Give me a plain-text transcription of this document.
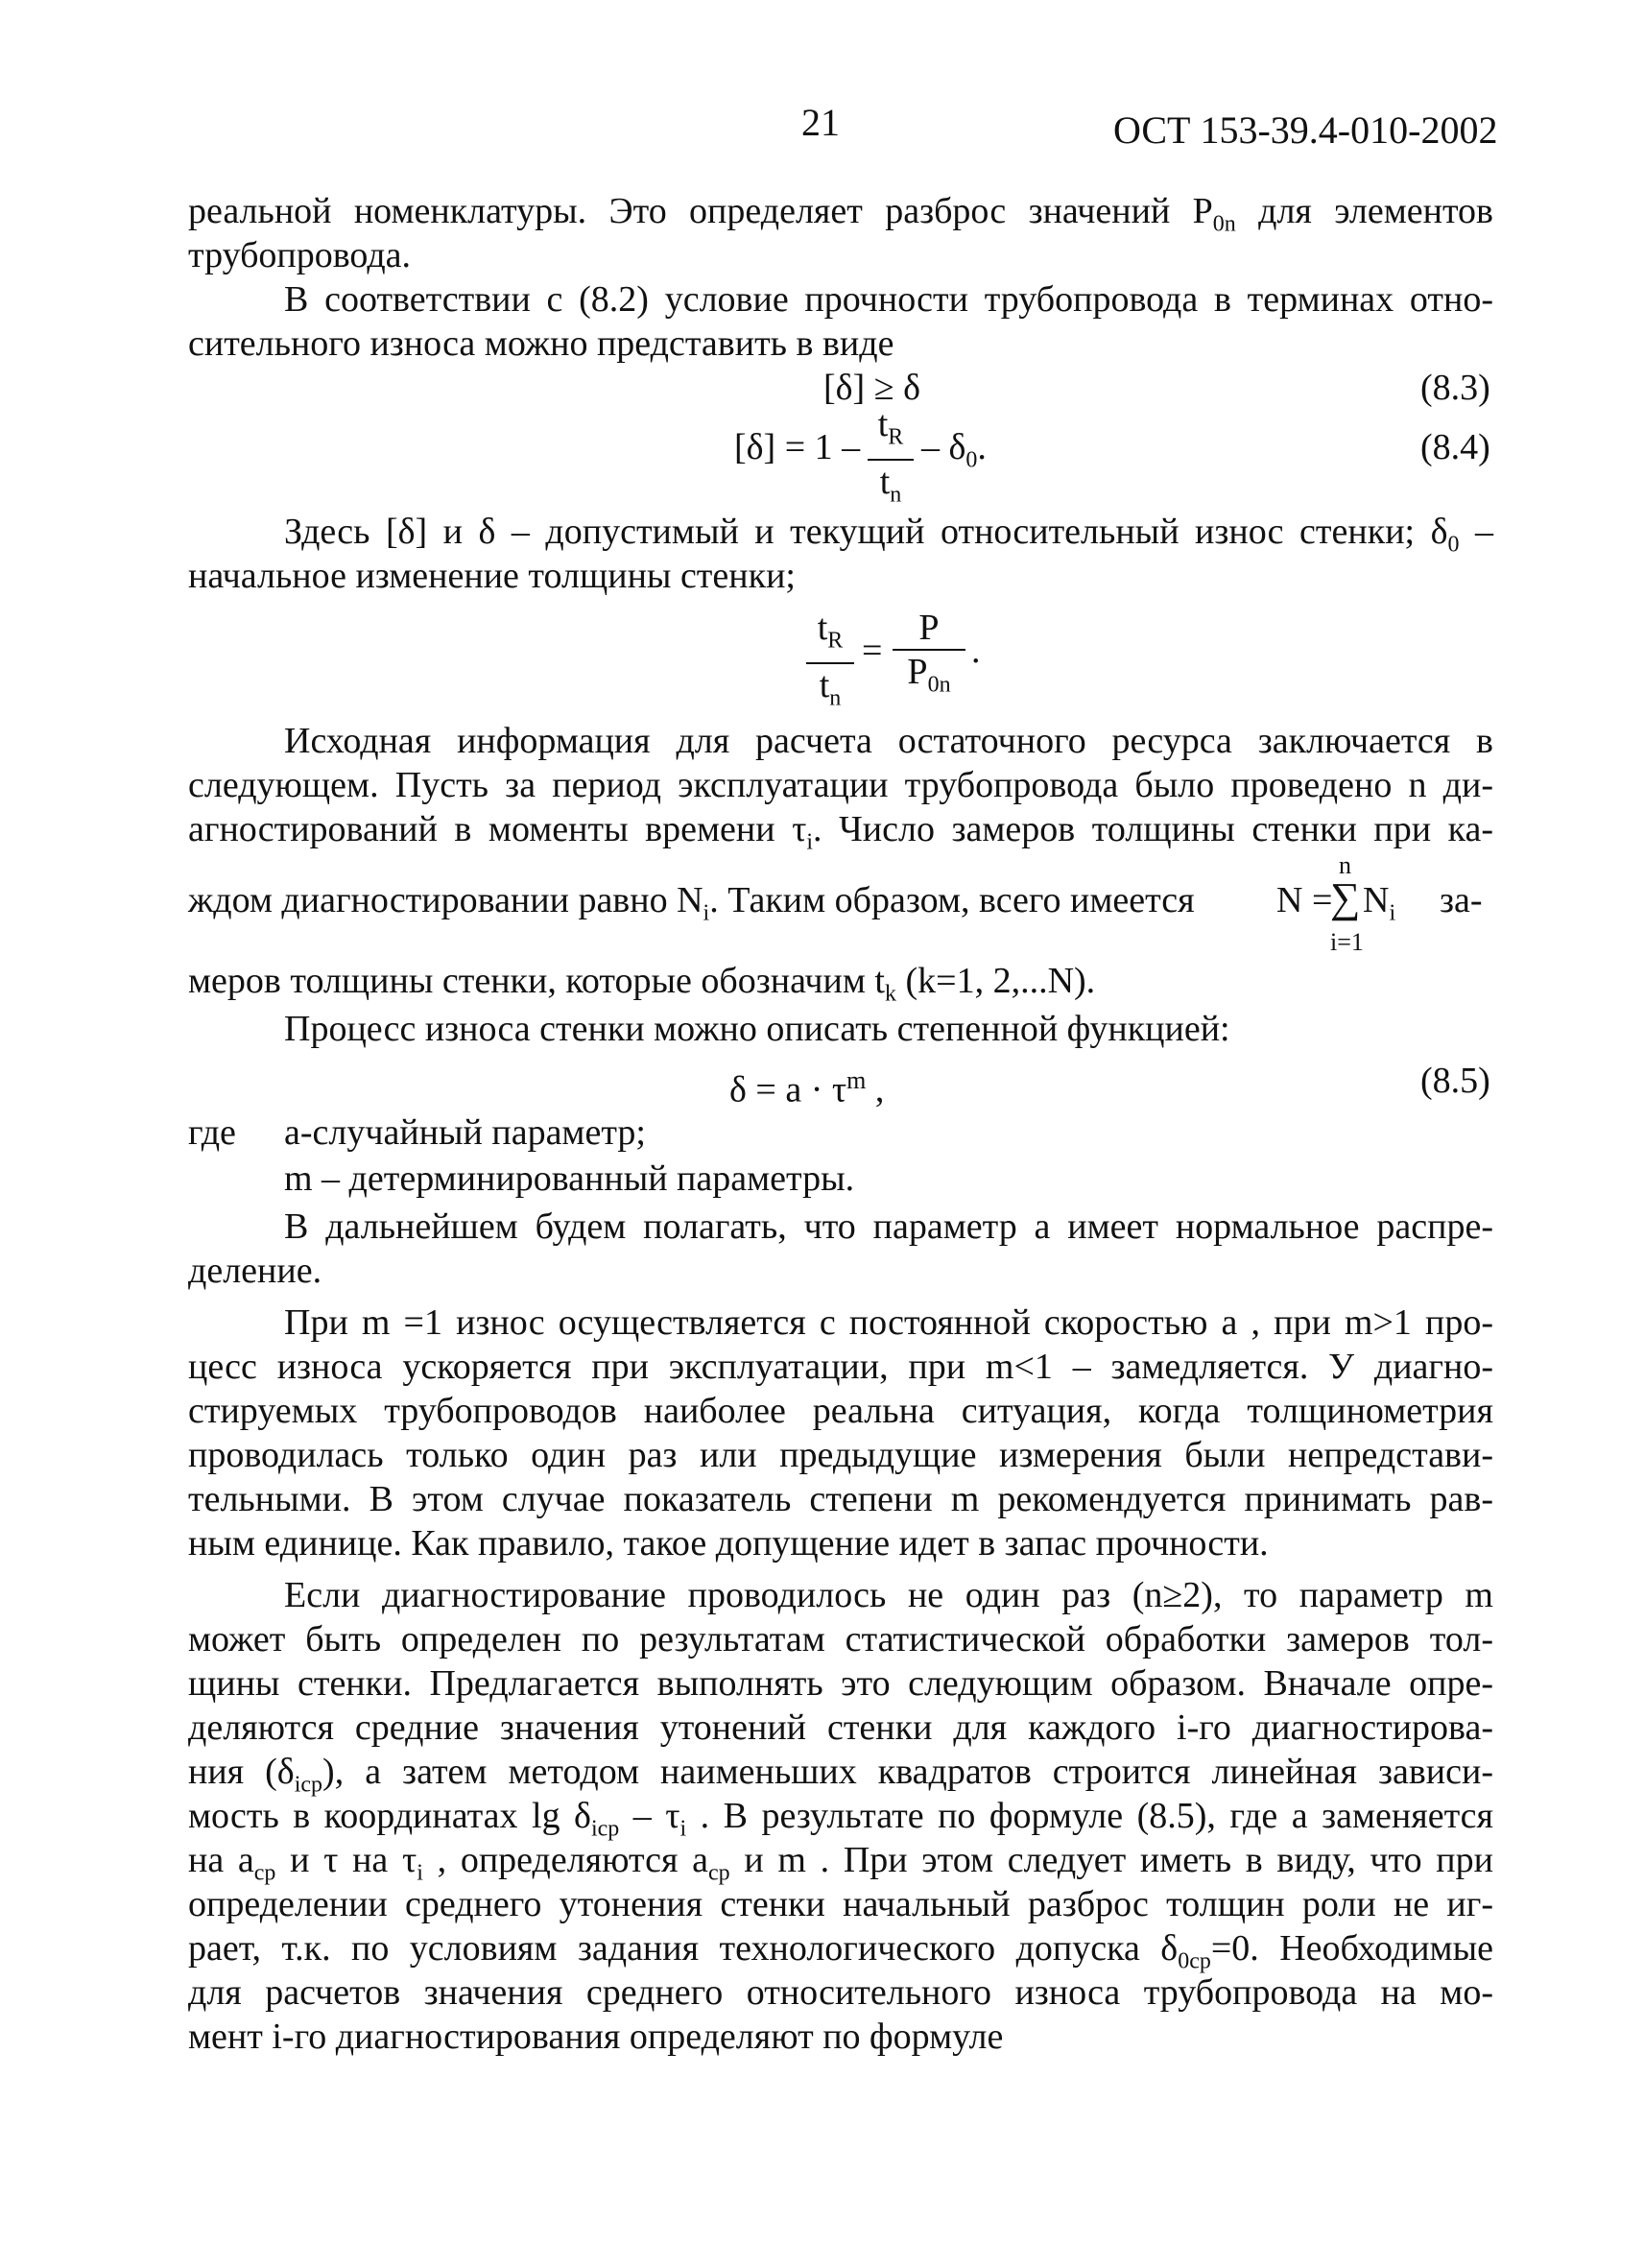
21	ОСТ 153-39.4-010-2002
реальной номенклатуры. Это определяет разброс значений $P_{0n}$ для элементов
трубопровода.
В соответствии с (8.2) условие прочности трубопровода в терминах отно-
сительного износа можно представить в виде
[δ] ≥ δ	(8.3)
$[\delta] = 1 - \frac{t_R}{t_n} - \delta_0$.	(8.4)
Здесь [δ] и δ – допустимый и текущий относительный износ стенки; $\delta_0$ –
начальное изменение толщины стенки;
$\frac{t_R}{t_n} = \frac{P}{P_{0n}}$ .
Исходная информация для расчета остаточного ресурса заключается в
следующем. Пусть за период эксплуатации трубопровода было проведено n ди-
агностирований в моменты времени $\tau_i$. Число замеров толщины стенки при ка-
ждом диагностировании равно $N_i$. Таким образом, всего имеется	N =
n
∑
i=1
$N_i$ за-
меров толщины стенки, которые обозначим $t_k$ (k=1, 2,...N).
Процесс износа стенки можно описать степенной функцией:
$\delta = a \cdot \tau^m$ ,	(8.5)
где	a-случайный параметр;
m – детерминированный параметры.
В дальнейшем будем полагать, что параметр a имеет нормальное распре-
деление.
При m =1 износ осуществляется с постоянной скоростью a , при m>1 про-
цесс износа ускоряется при эксплуатации, при m<1 – замедляется. У диагно-
стируемых трубопроводов наиболее реальна ситуация, когда толщинометрия
проводилась только один раз или предыдущие измерения были непредстави-
тельными. В этом случае показатель степени m рекомендуется принимать рав-
ным единице. Как правило, такое допущение идет в запас прочности.
Если диагностирование проводилось не один раз (n≥2), то параметр m
может быть определен по результатам статистической обработки замеров тол-
щины стенки. Предлагается выполнять это следующим образом. Вначале опре-
деляются средние значения утонений стенки для каждого i-го диагностирова-
ния $(\delta_{icp})$, а затем методом наименьших квадратов строится линейная зависи-
мость в координатах $\lg \delta_{icp} - \tau_i$ . В результате по формуле (8.5), где a заменяется
на $a_{cp}$ и τ на $\tau_i$ , определяются $a_{cp}$ и m . При этом следует иметь в виду, что при
определении среднего утонения стенки начальный разброс толщин роли не иг-
рает, т.к. по условиям задания технологического допуска $\delta_{0cp}=0$. Необходимые
для расчетов значения среднего относительного износа трубопровода на мо-
мент i-го диагностирования определяют по формуле
